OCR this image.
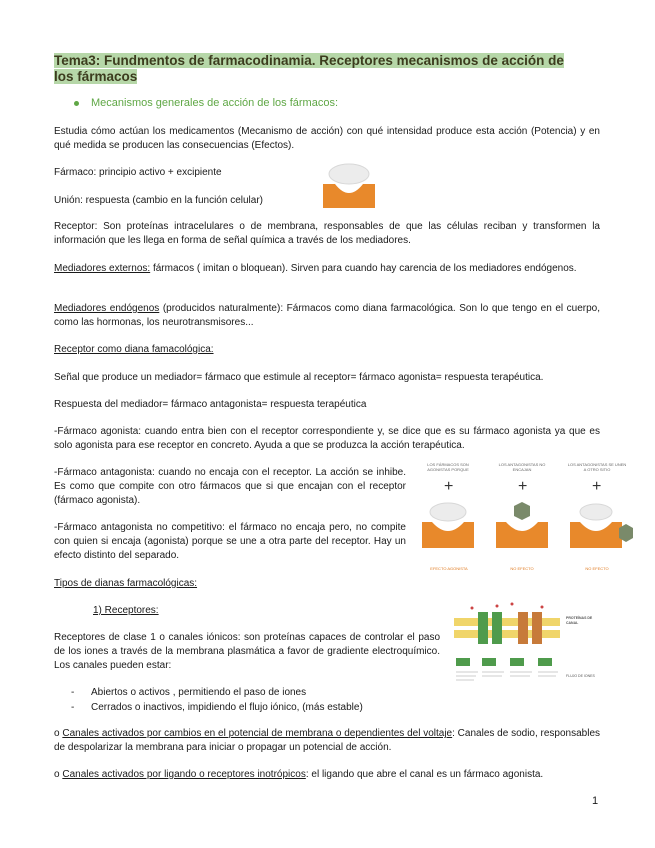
Tema3: Fundmentos de farmacodinamia. Receptores mecanismos de acción de los fármacos
Mecanismos generales de acción de los fármacos:
Estudia cómo actúan los medicamentos (Mecanismo de acción) con qué intensidad produce esta acción (Potencia) y en qué medida se producen las consecuencias (Efectos).
Fármaco: principio activo + excipiente
Unión: respuesta (cambio en la función celular)
Receptor: Son proteínas intracelulares o de membrana, responsables de que las células reciban y transformen la información que les llega en forma de señal química a través de los mediadores.
Mediadores externos: fármacos ( imitan o bloquean). Sirven para cuando hay carencia de los mediadores endógenos.
Mediadores endógenos (producidos naturalmente): Fármacos como diana farmacológica. Son lo que tengo en el cuerpo, como las hormonas, los neurotransmisores...
Receptor como diana famacológica:
Señal que produce un mediador= fármaco que estimule al receptor= fármaco agonista= respuesta terapéutica.
Respuesta del mediador= fármaco antagonista= respuesta terapéutica
-Fármaco agonista: cuando entra bien con el receptor correspondiente y, se dice que es su fármaco agonista ya que es solo agonista para ese receptor en concreto. Ayuda a que se produzca la acción terapéutica.
-Fármaco antagonista: cuando no encaja con el receptor. La acción se inhibe. Es como que compite con otro fármacos que si que encajan con el receptor (fármaco agonista).
-Fármaco antagonista no competitivo: el fármaco no encaja pero, no compite con quien si encaja (agonista) porque se une a otra parte del receptor. Hay un efecto distinto del separado.
LOS FÁRMACOS SON AGONISTAS PORQUE
LOS ANTAGONISTAS NO ENCAJAN
LOS ANTAGONISTAS SE UNEN A OTRO SITIO
+	+	+
EFECTO AGONISTA	NO EFECTO	NO EFECTO
Tipos de dianas farmacológicas:
1) Receptores:
Receptores de clase 1 o canales iónicos: son proteínas capaces de controlar el paso de los iones a través de la membrana plasmática a favor de gradiente electroquímico. Los canales pueden estar:
PROTEÍNAS DE CANAL
FLUJO DE IONES
- Abiertos o activos , permitiendo el paso de iones
- Cerrados o inactivos, impidiendo el flujo iónico, (más estable)
o Canales activados por cambios en el potencial de membrana o dependientes del voltaje: Canales de sodio, responsables de despolarizar la membrana para iniciar o propagar un potencial de acción.
o Canales activados por ligando o receptores inotrópicos: el ligando que abre el canal es un fármaco agonista.
1
